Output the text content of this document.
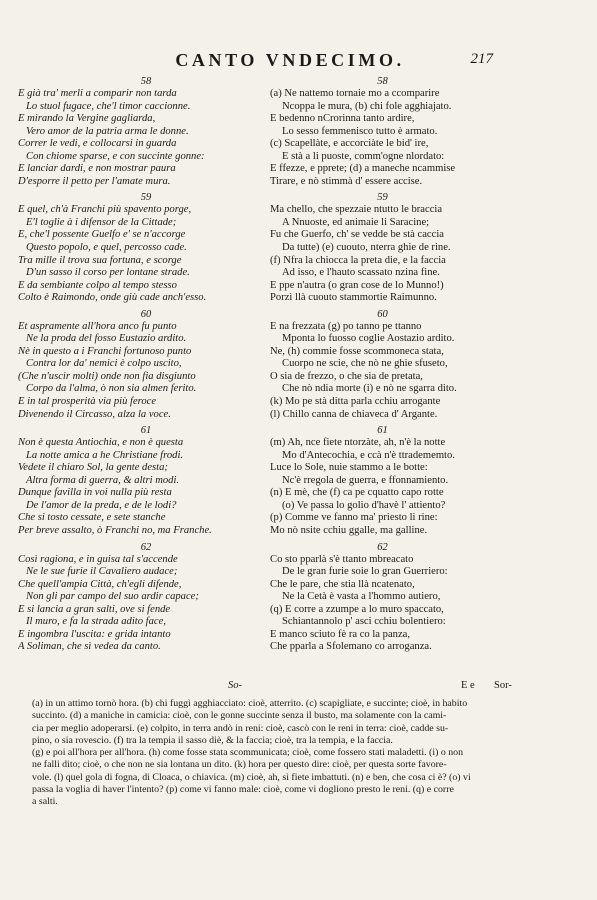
CANTO VNDECIMO.	217
58
E già tra' merli a comparir non tarda
Lo stuol fugace, che'l timor caccionne.
E mirando la Vergine gagliarda,
Vero amor de la patria arma le donne.
Correr le vedi, e collocarsi in guarda
Con chiome sparse, e con succinte gonne:
E lanciar dardi, e non mostrar paura
D'esporre il petto per l'amate mura.
59
E quel, ch'à Franchi più spavento porge,
E'l toglie à i difensor de la Cittade;
E, che'l possente Guelfo e' se n'accorge
Questo popolo, e quel, percosso cade.
Tra mille il trova sua fortuna, e scorge
D'un sasso il corso per lontane strade.
E da sembiante colpo al tempo stesso
Colto è Raimondo, onde giù cade anch'esso.
60
Et aspramente all'hora anco fu punto
Ne la proda del fosso Eustazio ardito.
Nè in questo a i Franchi fortunoso punto
Contra lor da' nemici è colpo uscito,
(Che n'uscir molti) onde non fia disgiunto
Corpo da l'alma, ò non sia almen ferito.
E in tal prosperità via più feroce
Divenendo il Circasso, alza la voce.
61
Non è questa Antiochia, e non è questa
La notte amica a he Christiane frodi.
Vedete il chiaro Sol, la gente desta;
Altra forma di guerra, & altri modi.
Dunque favilla in voi nulla più resta
De l'amor de la preda, e de le lodi?
Che si tosto cessate, e sete stanche
Per breve assalto, ò Franchi no, ma Franche.
62
Così ragiona, e in guisa tal s'accende
Ne le sue furie il Cavaliero audace;
Che quell'ampia Città, ch'egli difende,
Non gli par campo del suo ardir capace;
E si lancia a gran salti, ove si fende
Il muro, e fa la strada adito face,
E ingombra l'uscita: e grida intanto
A Soliman, che sì vedea da canto.
58
(a) Ne nattemo tornaie mo a ccomparire
Ncoppa le mura, (b) chi fole agghiajato.
E bedenno nCrorinna tanto ardire,
Lo sesso femmenisco tutto è armato.
(c) Scapellàte, e accorciàte le bid' ire,
E stà a li puoste, comm'ogne nlordato:
E ffezze, e pprete; (d) a maneche ncammise
Tirare, e nò stimmà d' essere accise.
59
Ma chello, che spezzaie ntutto le braccia
A Nnuoste, ed animaie li Saracine;
Fu che Guerfo, ch' se vedde be stà caccia
Da tutte) (e) cuouto, nterra ghie de rine.
(f) Nfra la chiocca la preta die, e la faccia
Ad isso, e l'hauto scassato nzina fine.
E ppe n'autra (o gran cose de lo Munno!)
Porzì llà cuouto stammortie Raimunno.
60
E na frezzata (g) po tanno pe ttanno
Mponta lo fuosso coglie Aostazio ardito.
Ne, (h) commie fosse scommoneca stata,
Cuorpo ne scie, che nò ne ghie sfuseto,
O sia de frezzo, o che sia de pretata,
Che nò ndia morte (i) e nò ne sgarra dito.
(k) Mo pe stà ditta parla cchiu arrogante
(l) Chillo canna de chiaveca d' Argante.
61
(m) Ah, nce fiete ntorzàte, ah, n'è la notte
Mo d'Antecochia, e ccà n'è ttradememto.
Luce lo Sole, nuie stammo a le botte:
Nc'è rregola de guerra, e ffonnamiento.
(n) E mè, che (f) ca pe cquatto capo rotte
(o) Ve passa lo golio d'havè l' attiento?
(p) Comme ve fanno ma' priesto li rine:
Mo nò nsite cchiu ggalle, ma galline.
62
Co sto pparlà s'è ttanto mbreacato
De le gran furie soie lo gran Guerriero:
Che le pare, che stia llà ncatenato,
Ne la Cetà è vasta a l'hommo autiero,
(q) E corre a zzumpe a lo muro spaccato,
Schiantannolo p' asci cchiu bolentiero:
E manco sciuto fè ra co la panza,
Che pparla a Sfolemano co arroganza.
So-	E e Sor-
(a) in un attimo tornò hora. (b) chi fuggì agghiacciato: cioè, atterrito. (c) scapigliate, e succinte; cioè, in habito
succinto. (d) a maniche in camicia: cioè, con le gonne succinte senza il busto, ma solamente con la cami-
cia per meglio adoperarsi. (e) colpito, in terra andò in reni: cioè, cascò con le reni in terra: cioè, cadde su-
pino, o sia rovescio. (f) tra la tempia il sasso diè, & la faccia; cioè, tra la tempia, e la faccia.
(g) e poi all'hora per all'hora. (h) come fosse stata scommunicata; cioè, come fossero stati maladetti. (i) o non
ne falli dito; cioè, o che non ne sia lontana un dito. (k) hora per questo dire: cioè, per questa sorte favore-
vole. (l) quel gola di fogna, di Cloaca, o chiavica. (m) cioè, ah, sì fiete imbattuti. (n) e ben, che cosa ci è? (o) vi
passa la voglia di haver l'intento? (p) come vi fanno male: cioè, come vi dogliono presto le reni. (q) e corre
a salti.
